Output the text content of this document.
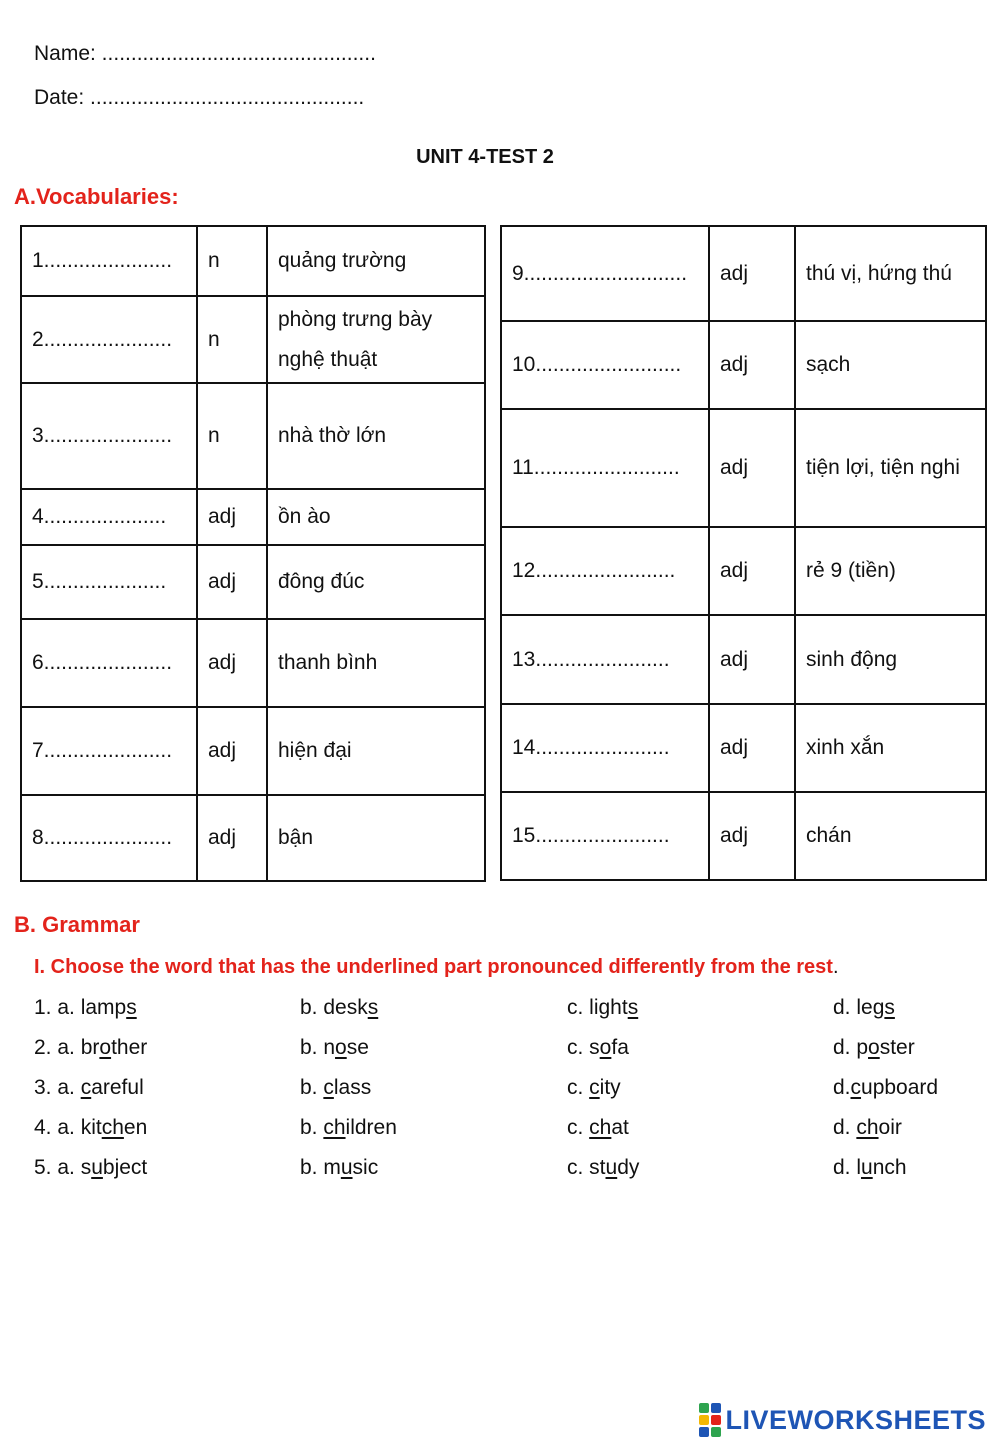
Name: ...............................................
Date: ...............................................
UNIT 4-TEST 2
A.Vocabularies:
1......................	n	quảng trường
2......................	n	phòng trưng bày nghệ thuật
3......................	n	nhà thờ lớn
4.....................	adj	ồn ào
5.....................	adj	đông đúc
6......................	adj	thanh bình
7......................	adj	hiện đại
8......................	adj	bận
9............................	adj	thú vị, hứng thú
10.........................	adj	sạch
11.........................	adj	tiện lợi, tiện nghi
12........................	adj	rẻ 9 (tiền)
13.......................	adj	sinh động
14.......................	adj	xinh xắn
15.......................	adj	chán
B. Grammar
I. Choose the word that has the underlined part pronounced differently from the rest.
1. a. lamps	b. desks	c. lights	d. legs
2. a. brother	b. nose	c. sofa	d. poster
3. a. careful	b. class	c. city	d.cupboard
4. a. kitchen	b. children	c. chat	d. choir
5. a. subject	b. music	c. study	d. lunch
LIVEWORKSHEETS
